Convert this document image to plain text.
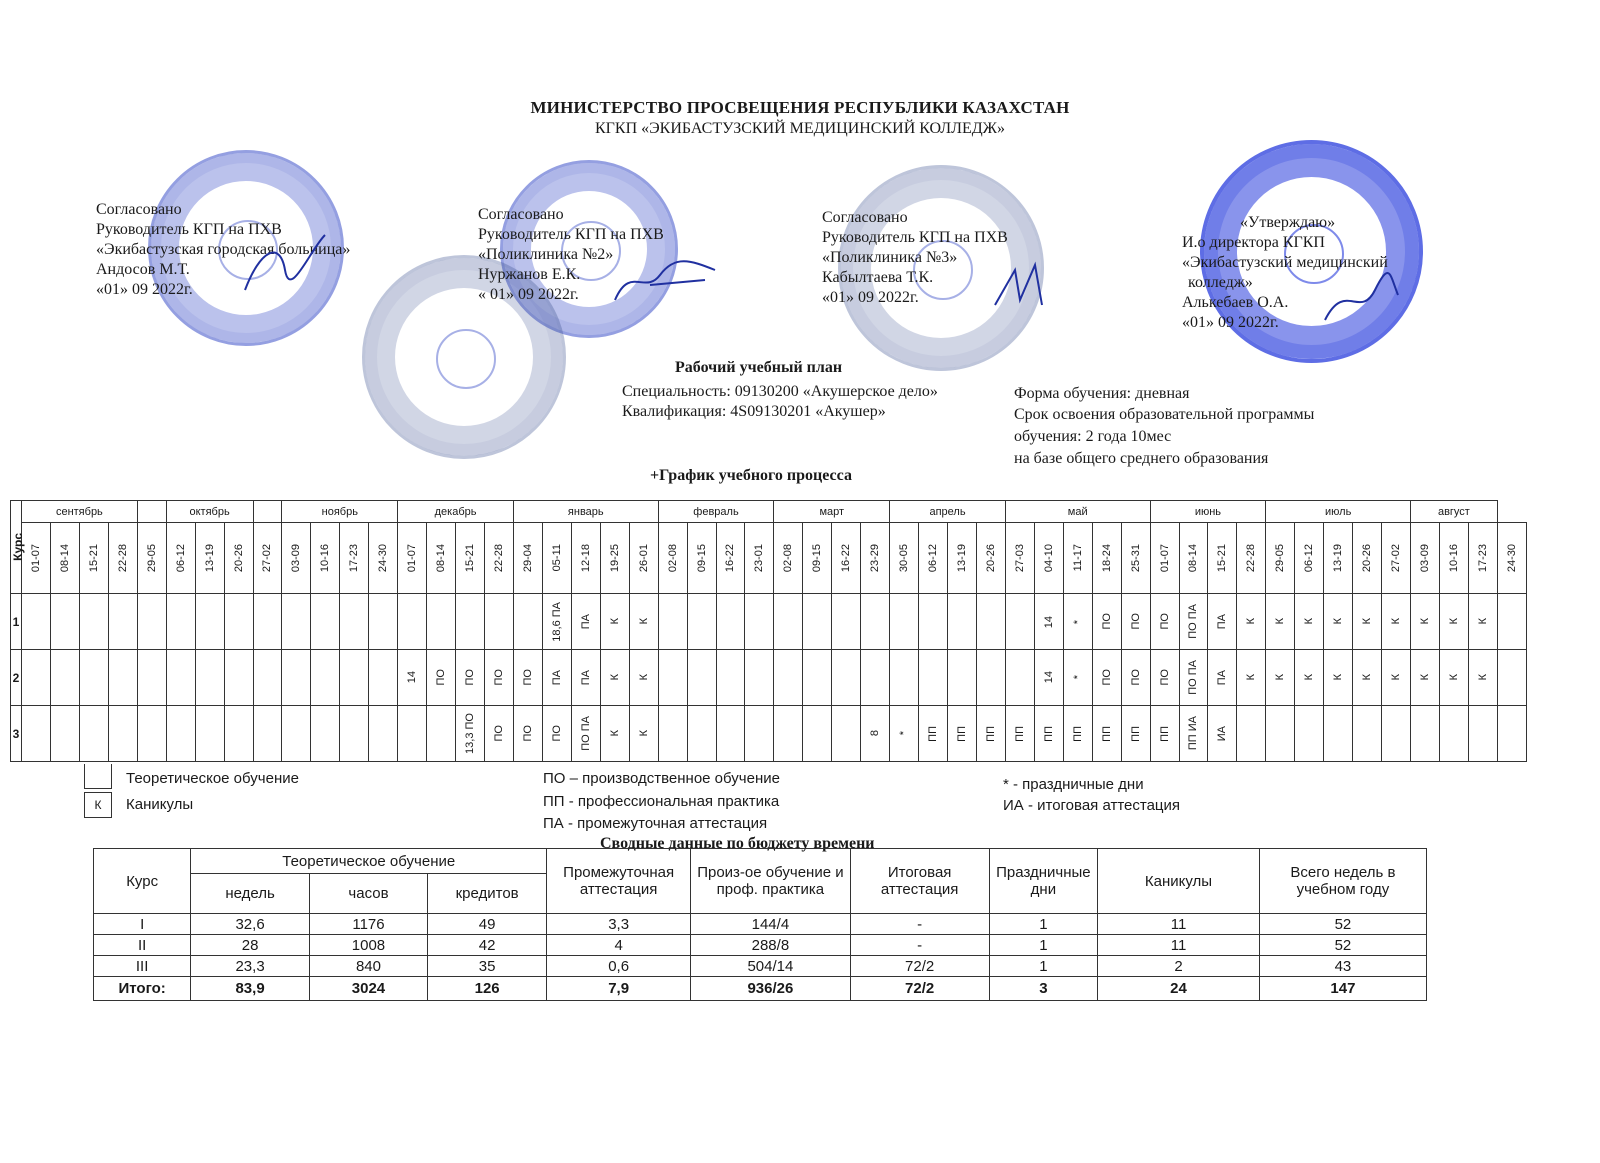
МИНИСТЕРСТВО ПРОСВЕЩЕНИЯ РЕСПУБЛИКИ КАЗАХСТАН
КГКП «ЭКИБАСТУЗСКИЙ МЕДИЦИНСКИЙ КОЛЛЕДЖ»
Согласовано
Руководитель КГП на ПХВ
«Экибастузская городская больница»
Андосов М.Т.
«01» 09 2022г.
Согласовано
Руководитель КГП на ПХВ
«Поликлиника №2»
Нуржанов Е.К.
« 01» 09 2022г.
Согласовано
Руководитель КГП на ПХВ
«Поликлиника №3»
Кабылтаева Т.К.
«01» 09 2022г.
«Утверждаю»
И.о директора КГКП
«Экибастузский медицинский
колледж»
Алькебаев О.А.
«01» 09 2022г.
Рабочий учебный план
Специальность: 09130200 «Акушерское дело»
Квалификация: 4S09130201 «Акушер»
Форма обучения: дневная
Срок освоения образовательной программы
обучения: 2 года 10мес
на базе общего среднего образования
+График учебного процесса
Курс	сентябрь					октябрь				ноябрь				декабрь				январь					февраль				март				апрель				май					июнь				июль					август			

	01-07	08-14	15-21	22-28	29-05	06-12	13-19	20-26	27-02	03-09	10-16	17-23	24-30	01-07	08-14	15-21	22-28	29-04	05-11	12-18	19-25	26-01	02-08	09-15	16-22	23-01	02-08	09-15	16-22	23-29	30-05	06-12	13-19	20-26	27-03	04-10	11-17	18-24	25-31	01-07	08-14	15-21	22-28	29-05	06-12	13-19	20-26	27-02	03-09	10-16	17-23	24-30

1																			18,6 ПА	ПА	К	К														14	*	ПО	ПО	ПО	ПО ПА	ПА	К	К	К	К	К	К	К	К	К	

2														14	ПО	ПО	ПО	ПО	ПА	ПА	К	К														14	*	ПО	ПО	ПО	ПО ПА	ПА	К	К	К	К	К	К	К	К	К	

3																13,3 ПО	ПО	ПО	ПО	ПО ПА	К	К								8	*	ПП	ПП	ПП	ПП	ПП	ПП	ПП	ПП	ПП	ПП ИА	ИА										

Теоретическое обучение
К	Каникулы
ПО – производственное обучение
ПП - профессиональная практика
ПА - промежуточная аттестация
* - праздничные дни
ИА - итоговая аттестация
Сводные данные по бюджету времени
Курс	Теоретическое обучение			Промежуточная аттестация	Произ-ое обучение и проф. практика	Итоговая аттестация	Праздничные дни	Каникулы	Всего недель в учебном году
	недель	часов	кредитов						
I	32,6	1176	49	3,3	144/4	-	1	11	52
II	28	1008	42	4	288/8	-	1	11	52
III	23,3	840	35	0,6	504/14	72/2	1	2	43
Итого:	83,9	3024	126	7,9	936/26	72/2	3	24	147
